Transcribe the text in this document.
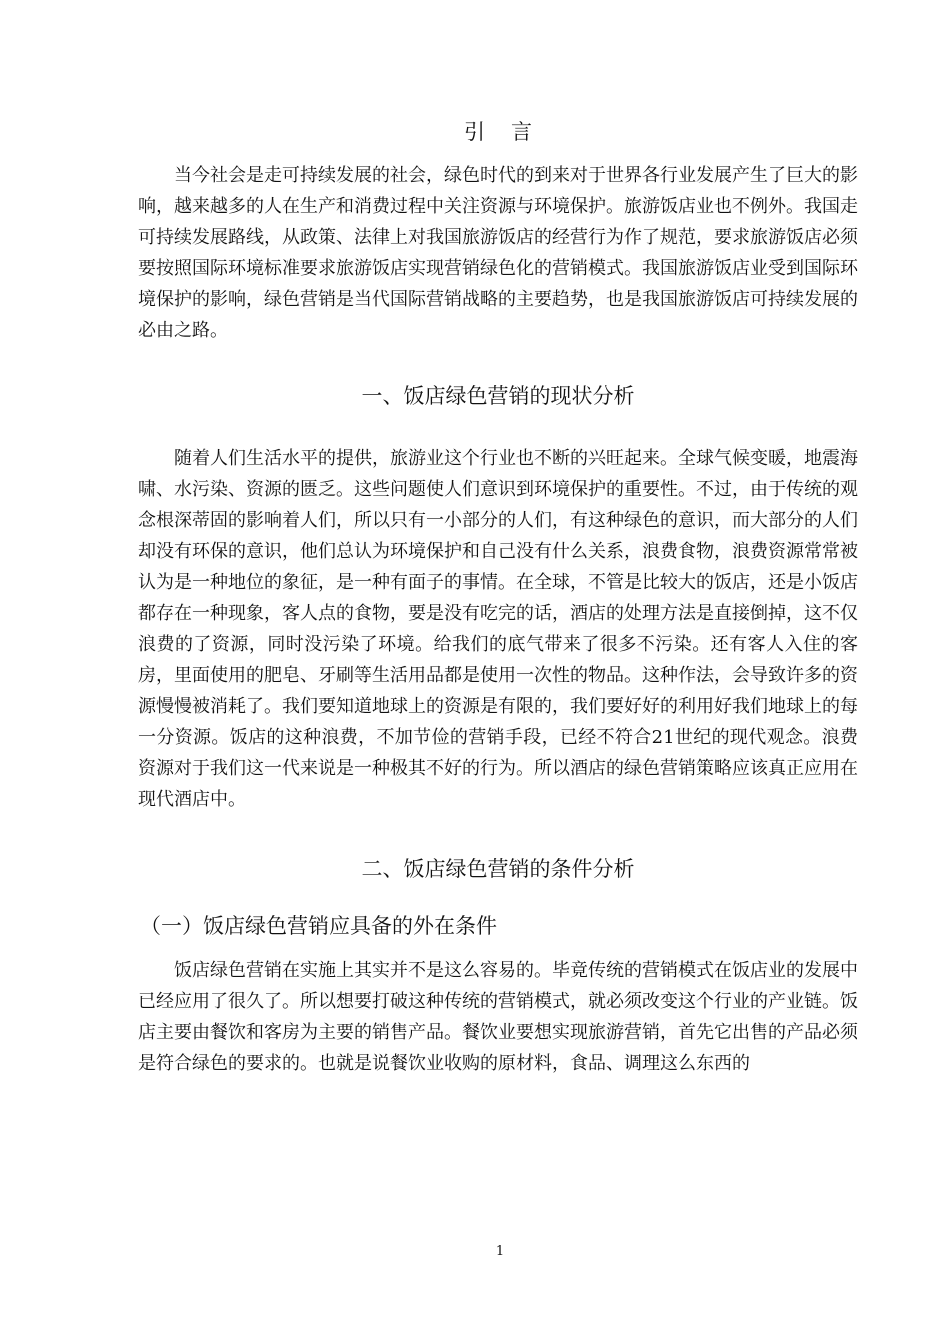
引言

当今社会是走可持续发展的社会，绿色时代的到来对于世界各行业发展产生了巨大的影响，越来越多的人在生产和消费过程中关注资源与环境保护。旅游饭店业也不例外。我国走可持续发展路线，从政策、法律上对我国旅游饭店的经营行为作了规范，要求旅游饭店必须要按照国际环境标准要求旅游饭店实现营销绿色化的营销模式。我国旅游饭店业受到国际环境保护的影响，绿色营销是当代国际营销战略的主要趋势，也是我国旅游饭店可持续发展的必由之路。

一、饭店绿色营销的现状分析

随着人们生活水平的提供，旅游业这个行业也不断的兴旺起来。全球气候变暖，地震海啸、水污染、资源的匮乏。这些问题使人们意识到环境保护的重要性。不过，由于传统的观念根深蒂固的影响着人们，所以只有一小部分的人们，有这种绿色的意识，而大部分的人们却没有环保的意识，他们总认为环境保护和自己没有什么关系，浪费食物，浪费资源常常被认为是一种地位的象征，是一种有面子的事情。在全球，不管是比较大的饭店，还是小饭店都存在一种现象，客人点的食物，要是没有吃完的话，酒店的处理方法是直接倒掉，这不仅浪费的了资源，同时没污染了环境。给我们的底气带来了很多不污染。还有客人入住的客房，里面使用的肥皂、牙刷等生活用品都是使用一次性的物品。这种作法，会导致许多的资源慢慢被消耗了。我们要知道地球上的资源是有限的，我们要好好的利用好我们地球上的每一分资源。饭店的这种浪费，不加节俭的营销手段，已经不符合21世纪的现代观念。浪费资源对于我们这一代来说是一种极其不好的行为。所以酒店的绿色营销策略应该真正应用在现代酒店中。

二、饭店绿色营销的条件分析
（一）饭店绿色营销应具备的外在条件

饭店绿色营销在实施上其实并不是这么容易的。毕竟传统的营销模式在饭店业的发展中已经应用了很久了。所以想要打破这种传统的营销模式，就必须改变这个行业的产业链。饭店主要由餐饮和客房为主要的销售产品。餐饮业要想实现旅游营销，首先它出售的产品必须是符合绿色的要求的。也就是说餐饮业收购的原材料，食品、调理这么东西的

1
